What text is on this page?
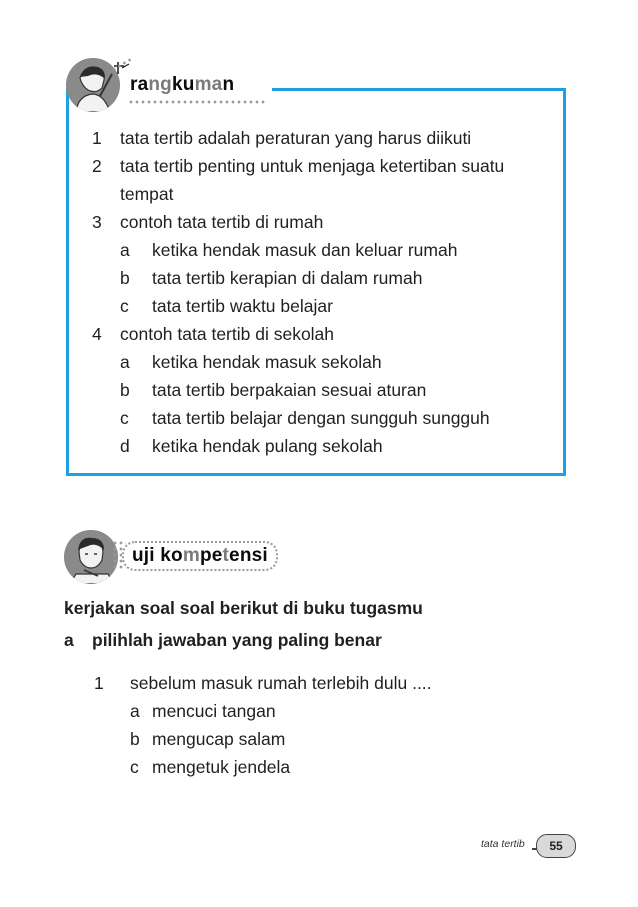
rangkuman
1 tata tertib adalah peraturan yang harus diikuti
2 tata tertib penting untuk menjaga ketertiban suatu
tempat
3 contoh tata tertib di rumah
a ketika hendak masuk dan keluar rumah
b tata tertib kerapian di dalam rumah
c tata tertib waktu belajar
4 contoh tata tertib di sekolah
a ketika hendak masuk sekolah
b tata tertib berpakaian sesuai aturan
c tata tertib belajar dengan sungguh sungguh
d ketika hendak pulang sekolah
uji kompetensi
kerjakan soal soal berikut di buku tugasmu
a pilihlah jawaban yang paling benar
1 sebelum masuk rumah terlebih dulu ....
a mencuci tangan
b mengucap salam
c mengetuk jendela
tata tertib	55
